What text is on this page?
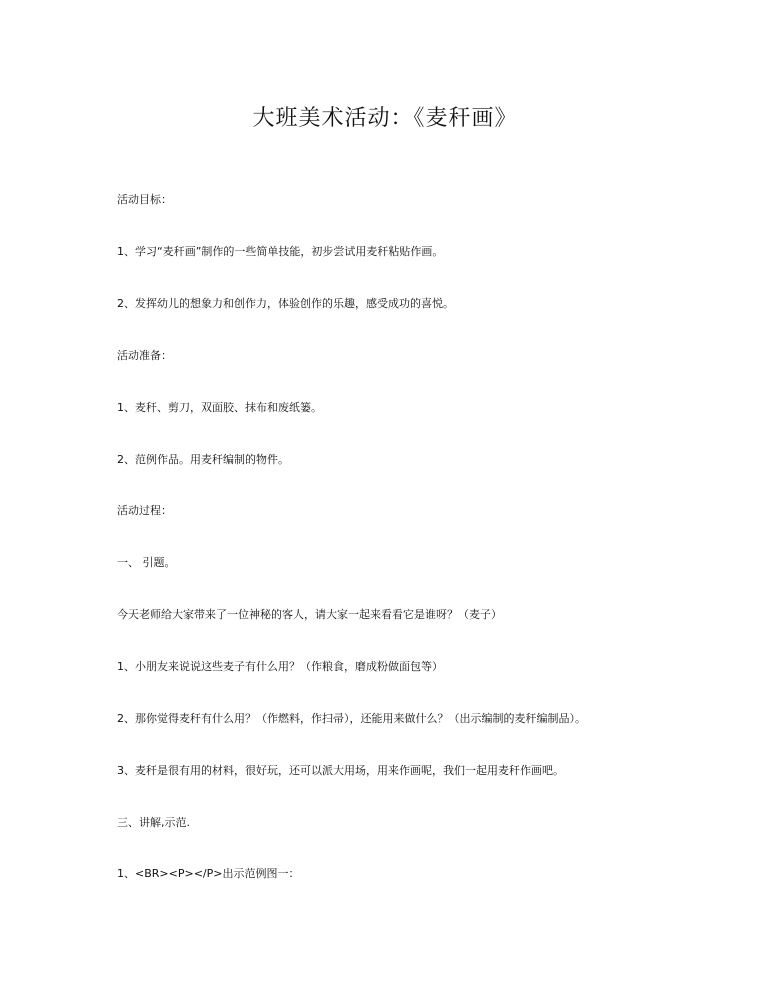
大班美术活动：《麦秆画》
活动目标：
1、学习“麦秆画”制作的一些简单技能，初步尝试用麦秆粘贴作画。
2、发挥幼儿的想象力和创作力，体验创作的乐趣，感受成功的喜悦。
活动准备：
1、麦秆、剪刀，双面胶、抹布和废纸篓。
2、范例作品。用麦秆编制的物件。
活动过程：
一、 引题。
今天老师给大家带来了一位神秘的客人，请大家一起来看看它是谁呀？（麦子）
1、小朋友来说说这些麦子有什么用？（作粮食，磨成粉做面包等）
2、那你觉得麦秆有什么用？（作燃料，作扫帚），还能用来做什么？（出示编制的麦秆编制品）。
3、麦秆是很有用的材料，很好玩，还可以派大用场，用来作画呢，我们一起用麦秆作画吧。
三、讲解,示范.
1、<BR><P></P>出示范例图一：
